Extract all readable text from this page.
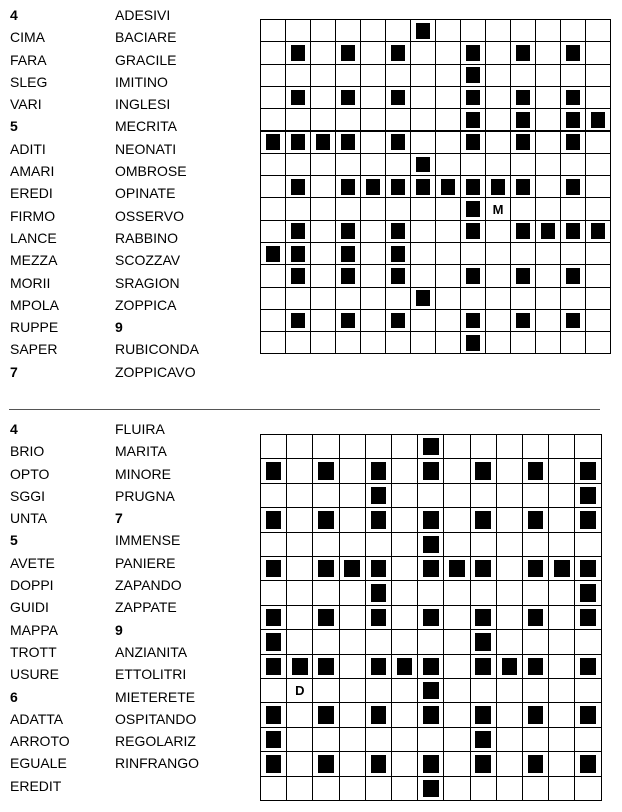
4
CIMA
FARA
SLEG
VARI
5
ADITI
AMARI
EREDI
FIRMO
LANCE
MEZZA
MORII
MPOLA
RUPPE
SAPER
7
ADESIVI
BACIARE
GRACILE
IMITINO
INGLESI
MECRITA
NEONATI
OMBROSE
OPINATE
OSSERVO
RABBINO
SCOZZAV
SRAGION
ZOPPICA
9
RUBICONDA
ZOPPICAVO
M
4
BRIO
OPTO
SGGI
UNTA
5
AVETE
DOPPI
GUIDI
MAPPA
TROTT
USURE
6
ADATTA
ARROTO
EGUALE
EREDIT
FLUIRA
MARITA
MINORE
PRUGNA
7
IMMENSE
PANIERE
ZAPANDO
ZAPPATE
9
ANZIANITA
ETTOLITRI
MIETERETE
OSPITANDO
REGOLARIZ
RINFRANGO
D
